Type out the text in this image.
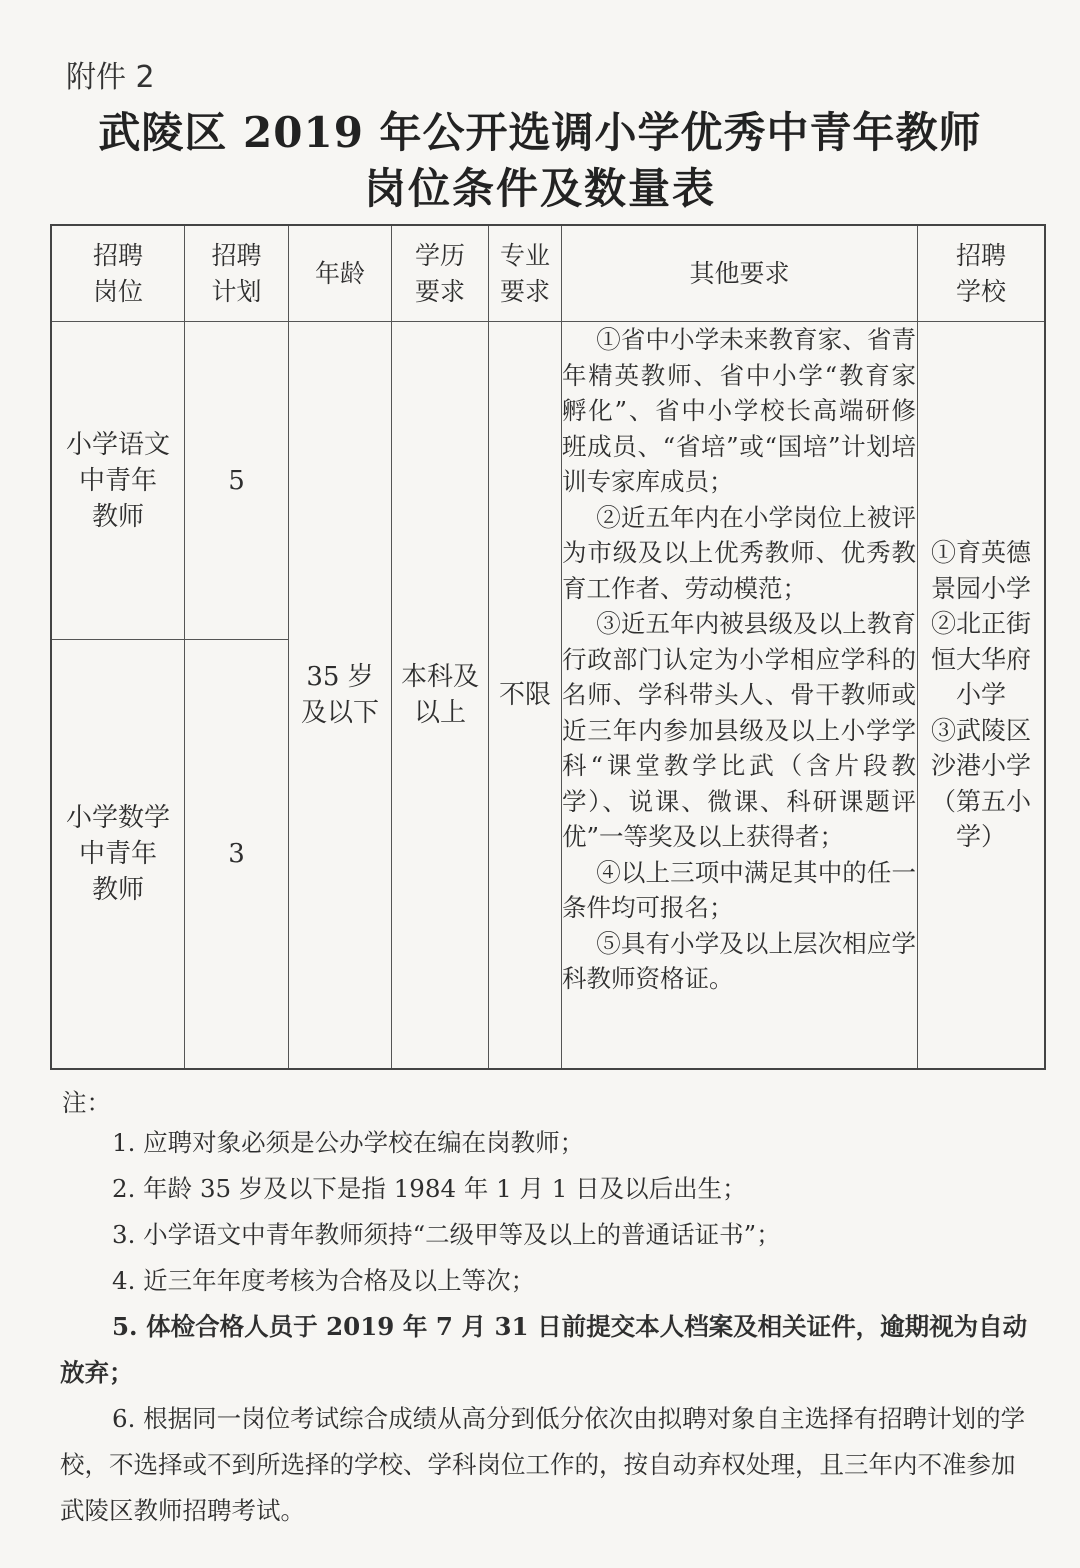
附件 2
武陵区 2019 年公开选调小学优秀中青年教师
岗位条件及数量表
招聘
岗位
招聘
计划
年龄
学历
要求
专业
要求
其他要求
招聘
学校
小学语文
中青年
教师
5
小学数学
中青年
教师
3
35 岁
及以下
本科及
以上
不限
①育英德
景园小学
②北正街
恒大华府
小学
③武陵区
沙港小学
（第五小
学）

①省中小学未来教育家、省青年精英教师、省中小学“教育家孵化”、省中小学校长高端研修班成员、“省培”或“国培”计划培训专家库成员；

②近五年内在小学岗位上被评为市级及以上优秀教师、优秀教育工作者、劳动模范；

③近五年内被县级及以上教育行政部门认定为小学相应学科的名师、学科带头人、骨干教师或近三年内参加县级及以上小学学科“课堂教学比武（含片段教学）、说课、微课、科研课题评优”一等奖及以上获得者；

④以上三项中满足其中的任一条件均可报名；

⑤具有小学及以上层次相应学科教师资格证。

注：
1. 应聘对象必须是公办学校在编在岗教师；
2. 年龄 35 岁及以下是指 1984 年 1 月 1 日及以后出生；
3. 小学语文中青年教师须持“二级甲等及以上的普通话证书”；
4. 近三年年度考核为合格及以上等次；
5. 体检合格人员于 2019 年 7 月 31 日前提交本人档案及相关证件，逾期视为自动放弃；
6. 根据同一岗位考试综合成绩从高分到低分依次由拟聘对象自主选择有招聘计划的学校，不选择或不到所选择的学校、学科岗位工作的，按自动弃权处理，且三年内不准参加武陵区教师招聘考试。
